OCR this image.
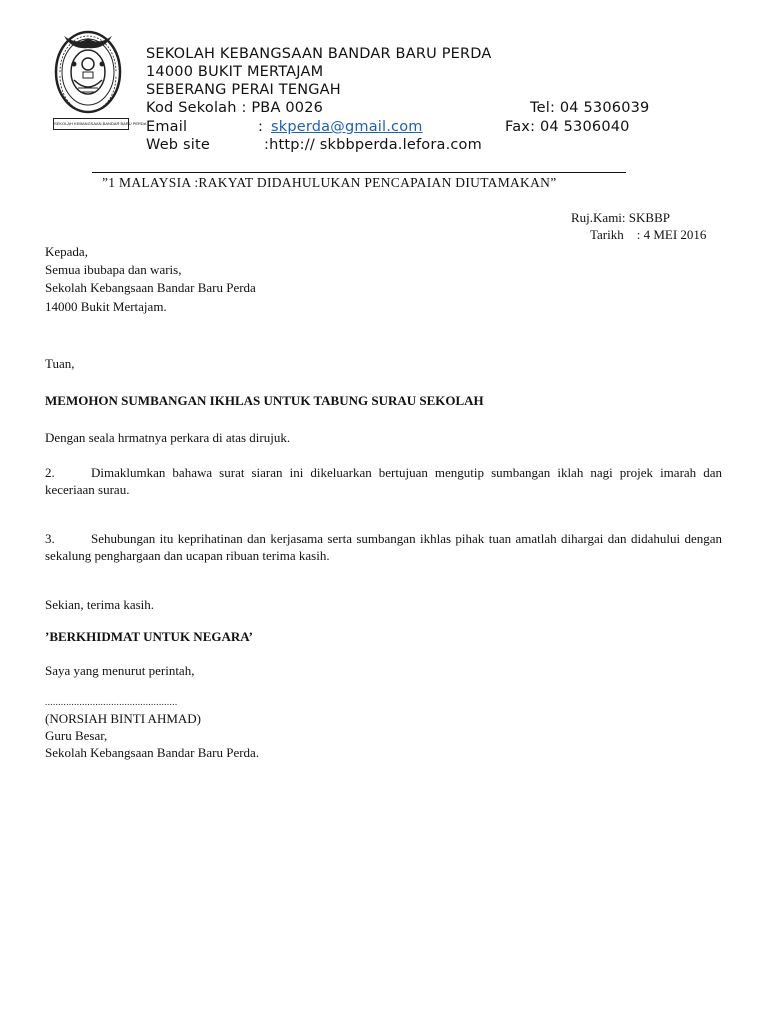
SEKOLAH KEBANGSAAN BANDAR BARU PERDA
SEKOLAH KEBANGSAAN BANDAR BARU PERDA
14000 BUKIT MERTAJAM
SEBERANG PERAI TENGAH
Kod Sekolah : PBA 0026	Tel: 04 5306039
Email	: skperda@gmail.com	Fax: 04 5306040
Web site	:http:// skbbperda.lefora.com
”1 MALAYSIA :RAKYAT DIDAHULUKAN PENCAPAIAN DIUTAMAKAN”
Ruj.Kami: SKBBP
Tarikh    : 4 MEI 2016
Kepada,
Semua ibubapa dan waris,
Sekolah Kebangsaan Bandar Baru Perda
14000 Bukit Mertajam.
Tuan,
MEMOHON SUMBANGAN IKHLAS UNTUK TABUNG SURAU SEKOLAH
Dengan seala hrmatnya perkara di atas dirujuk.
2.	Dimaklumkan bahawa surat siaran ini dikeluarkan bertujuan mengutip sumbangan iklah nagi projek imarah dan keceriaan surau.
3.	Sehubungan itu keprihatinan dan kerjasama serta sumbangan ikhlas pihak tuan amatlah dihargai dan didahului dengan sekalung penghargaan dan ucapan ribuan terima kasih.
Sekian, terima kasih.
’BERKHIDMAT UNTUK NEGARA’
Saya yang menurut perintah,
..................................................
(NORSIAH BINTI AHMAD)
Guru Besar,
Sekolah Kebangsaan Bandar Baru Perda.
